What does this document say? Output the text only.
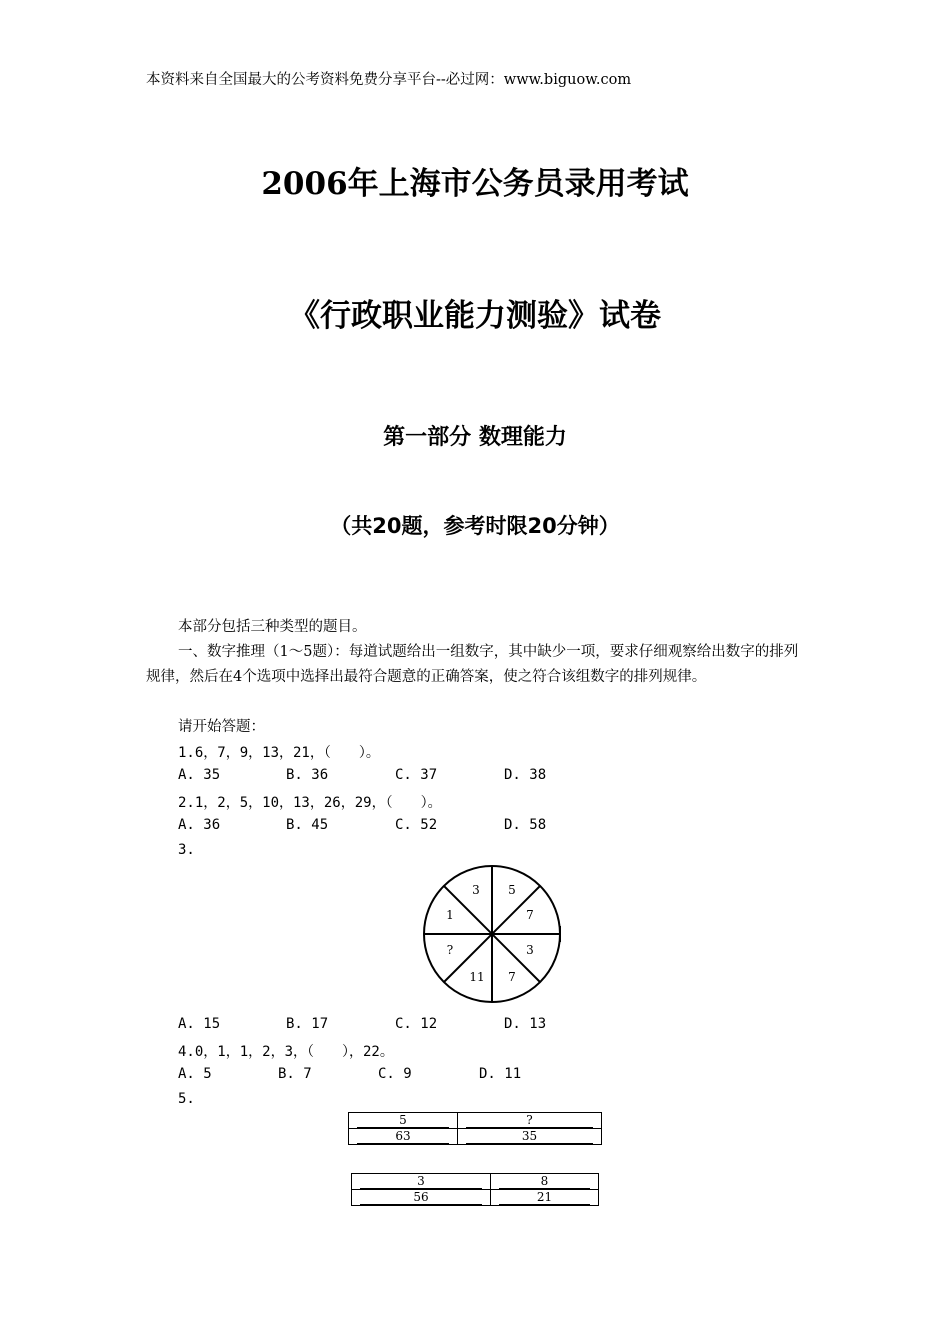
本资料来自全国最大的公考资料免费分享平台--必过网：www.biguow.com
2006年上海市公务员录用考试
《行政职业能力测验》试卷
第一部分 数理能力
（共20题，参考时限20分钟）
本部分包括三种类型的题目。
一、数字推理（1～5题）：每道试题给出一组数字，其中缺少一项，要求仔细观察给出数字的排列规律，然后在4个选项中选择出最符合题意的正确答案，使之符合该组数字的排列规律。
请开始答题：
1.6，7，9，13，21，（　　）。
A. 35	B. 36	C. 37	D. 38
2.1，2，5，10，13，26，29，（　　）。
A. 36	B. 45	C. 52	D. 58
3.
3 5
7
3
7
11
?
1
A. 15	B. 17	C. 12	D. 13
4.0，1，1，2，3，（　　），22。
A. 5	B. 7	C. 9	D. 11
5.
5	?

63	35
3	8

56	21
